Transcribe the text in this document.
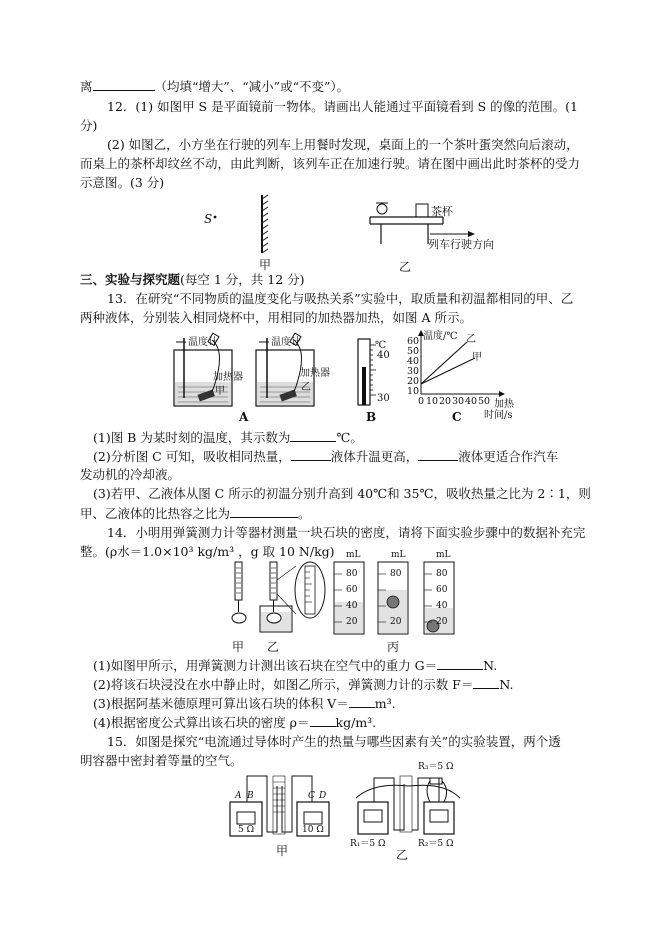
离	（均填“增大”、“减小”或“不变”）。
12．(1) 如图甲 S 是平面镜前一物体。请画出人能通过平面镜看到 S 的像的范围。(1
分)
(2) 如图乙，小方坐在行驶的列车上用餐时发现，桌面上的一个茶叶蛋突然向后滚动，
而桌上的茶杯却纹丝不动，由此判断，该列车正在加速行驶。请在图中画出此时茶杯的受力
示意图。(3 分)
S
甲
茶杯
列车行驶方向
乙
三、实验与探究题(每空 1 分，共 12 分)
13．在研究“不同物质的温度变化与吸热关系”实验中，取质量和初温都相同的甲、乙
两种液体，分别装入相同烧杯中，用相同的加热器加热，如图 A 所示。
温度计	温度计
加热器
甲
加热器
乙
A
℃
40
30
B
温度/℃ 乙
甲
60
50
40
30
20
10
0 10 20 30 40 50 加热
时间/s
C
(1)图 B 为某时刻的温度，其示数为	℃。
(2)分析图 C 可知，吸收相同热量，	液体升温更高，	液体更适合作汽车
发动机的冷却液。
(3)若甲、乙液体从图 C 所示的初温分别升高到 40℃和 35℃，吸收热量之比为 2∶1，则
甲、乙液体的比热容之比为	。
14．小明用弹簧测力计等器材测量一块石块的密度，请将下面实验步骤中的数据补充完
整。(ρ水＝1.0×10³ kg/m³ ，g 取 10 N/kg) mL
80
60
40
20
mL
80
20
mL
80
60
40
20
甲 乙	丙
(1)如图甲所示，用弹簧测力计测出该石块在空气中的重力 G＝	N.
(2)将该石块浸没在水中静止时，如图乙所示，弹簧测力计的示数 F＝ N.
(3)根据阿基米德原理可算出该石块的体积 V＝ m³.
(4)根据密度公式算出该石块的密度 ρ＝ kg/m³.
15．如图是探究“电流通过导体时产生的热量与哪些因素有关”的实验装置，两个透
明容器中密封着等量的空气。
A B	C D
5 Ω	10 Ω
甲
R₃＝5 Ω
R₁＝5 Ω	R₂＝5 Ω
乙
